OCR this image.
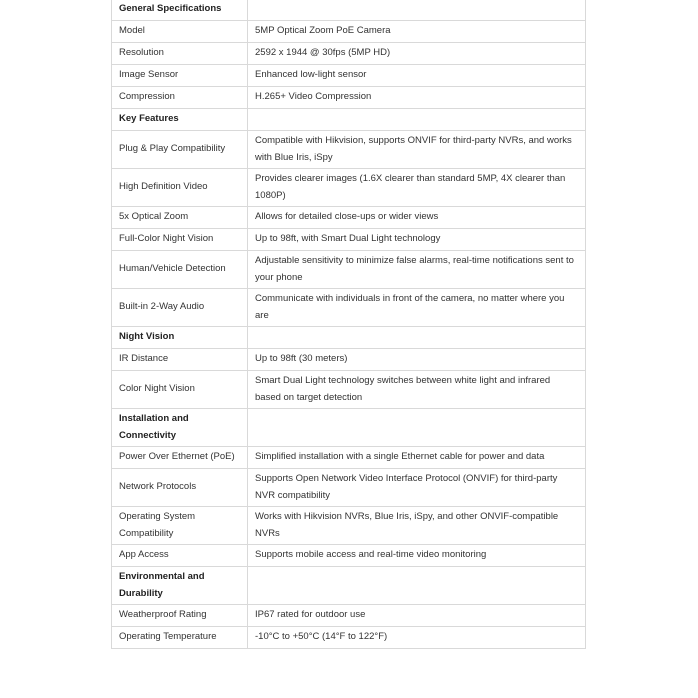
General Specifications	
Model	5MP Optical Zoom PoE Camera
Resolution	2592 x 1944 @ 30fps (5MP HD)
Image Sensor	Enhanced low-light sensor
Compression	H.265+ Video Compression
Key Features	
Plug & Play Compatibility	Compatible with Hikvision, supports ONVIF for third-party NVRs, and works with Blue Iris, iSpy
High Definition Video	Provides clearer images (1.6X clearer than standard 5MP, 4X clearer than 1080P)
5x Optical Zoom	Allows for detailed close-ups or wider views
Full-Color Night Vision	Up to 98ft, with Smart Dual Light technology
Human/Vehicle Detection	Adjustable sensitivity to minimize false alarms, real-time notifications sent to your phone
Built-in 2-Way Audio	Communicate with individuals in front of the camera, no matter where you are
Night Vision	
IR Distance	Up to 98ft (30 meters)
Color Night Vision	Smart Dual Light technology switches between white light and infrared based on target detection
Installation and Connectivity	
Power Over Ethernet (PoE)	Simplified installation with a single Ethernet cable for power and data
Network Protocols	Supports Open Network Video Interface Protocol (ONVIF) for third-party NVR compatibility
Operating System Compatibility	Works with Hikvision NVRs, Blue Iris, iSpy, and other ONVIF-compatible NVRs
App Access	Supports mobile access and real-time video monitoring
Environmental and Durability	
Weatherproof Rating	IP67 rated for outdoor use
Operating Temperature	-10°C to +50°C (14°F to 122°F)
